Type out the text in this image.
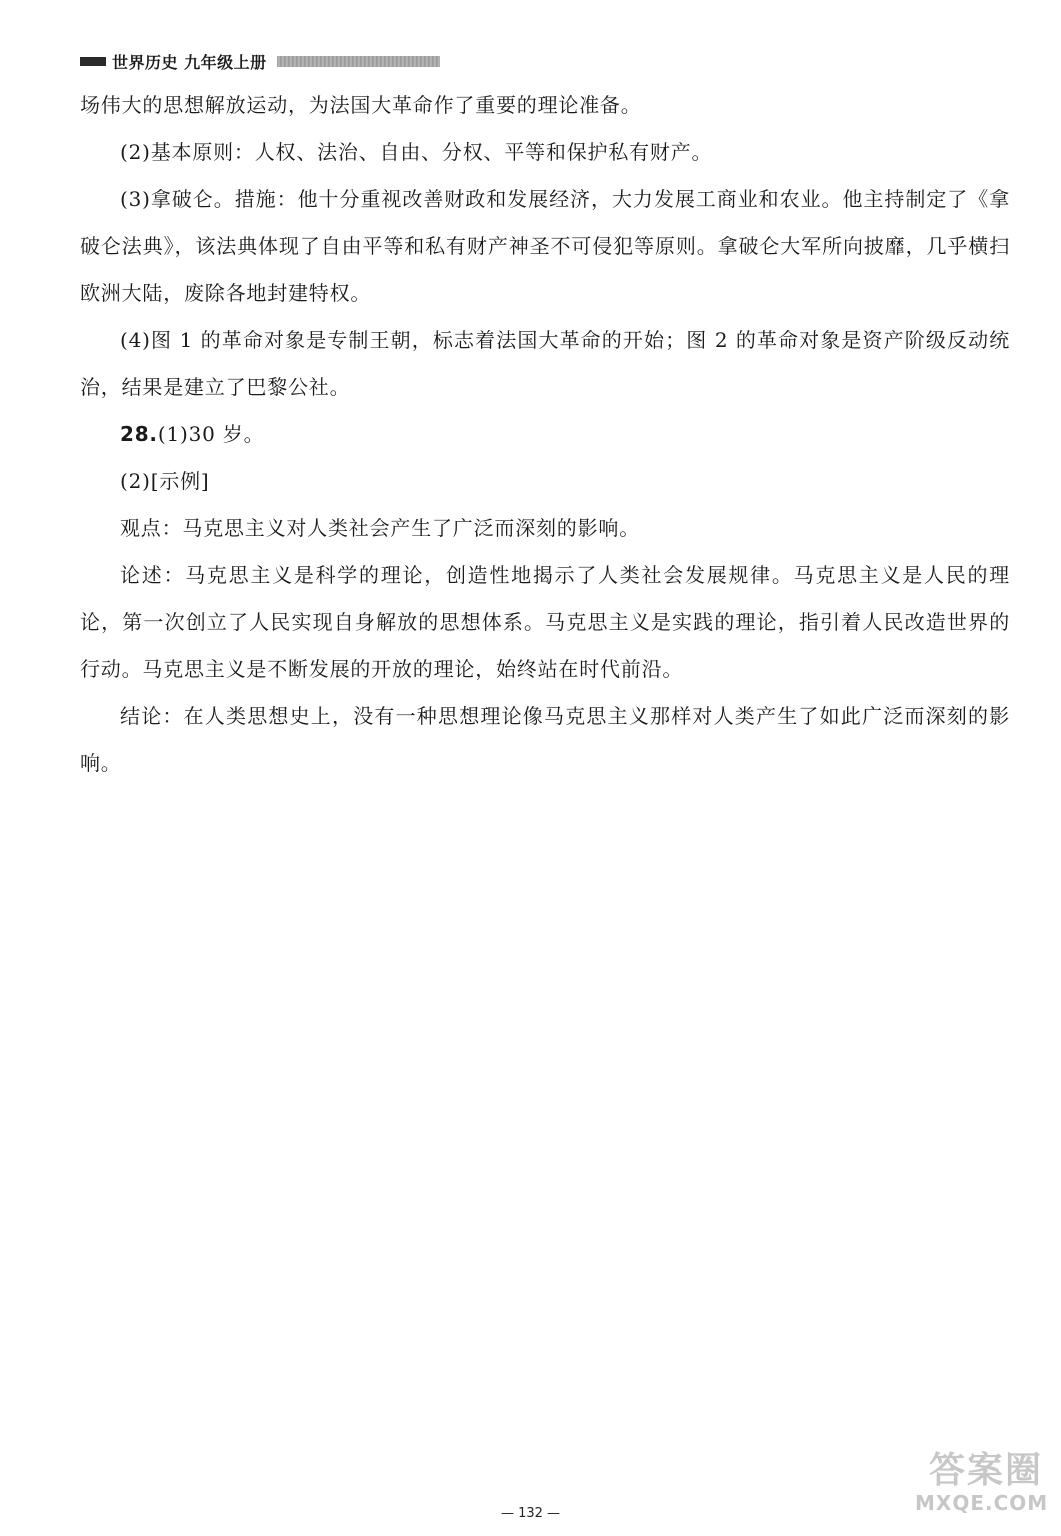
世界历史 九年级上册

场伟大的思想解放运动，为法国大革命作了重要的理论准备。

(2)基本原则：人权、法治、自由、分权、平等和保护私有财产。

(3)拿破仑。措施：他十分重视改善财政和发展经济，大力发展工商业和农业。他主持制定了《拿破仑法典》，该法典体现了自由平等和私有财产神圣不可侵犯等原则。拿破仑大军所向披靡，几乎横扫欧洲大陆，废除各地封建特权。

(4)图 1 的革命对象是专制王朝，标志着法国大革命的开始；图 2 的革命对象是资产阶级反动统治，结果是建立了巴黎公社。

28.(1)30 岁。

(2)[示例]

观点：马克思主义对人类社会产生了广泛而深刻的影响。

论述：马克思主义是科学的理论，创造性地揭示了人类社会发展规律。马克思主义是人民的理论，第一次创立了人民实现自身解放的思想体系。马克思主义是实践的理论，指引着人民改造世界的行动。马克思主义是不断发展的开放的理论，始终站在时代前沿。

结论：在人类思想史上，没有一种思想理论像马克思主义那样对人类产生了如此广泛而深刻的影响。

— 132 —
答案圈
MXQE.COM
